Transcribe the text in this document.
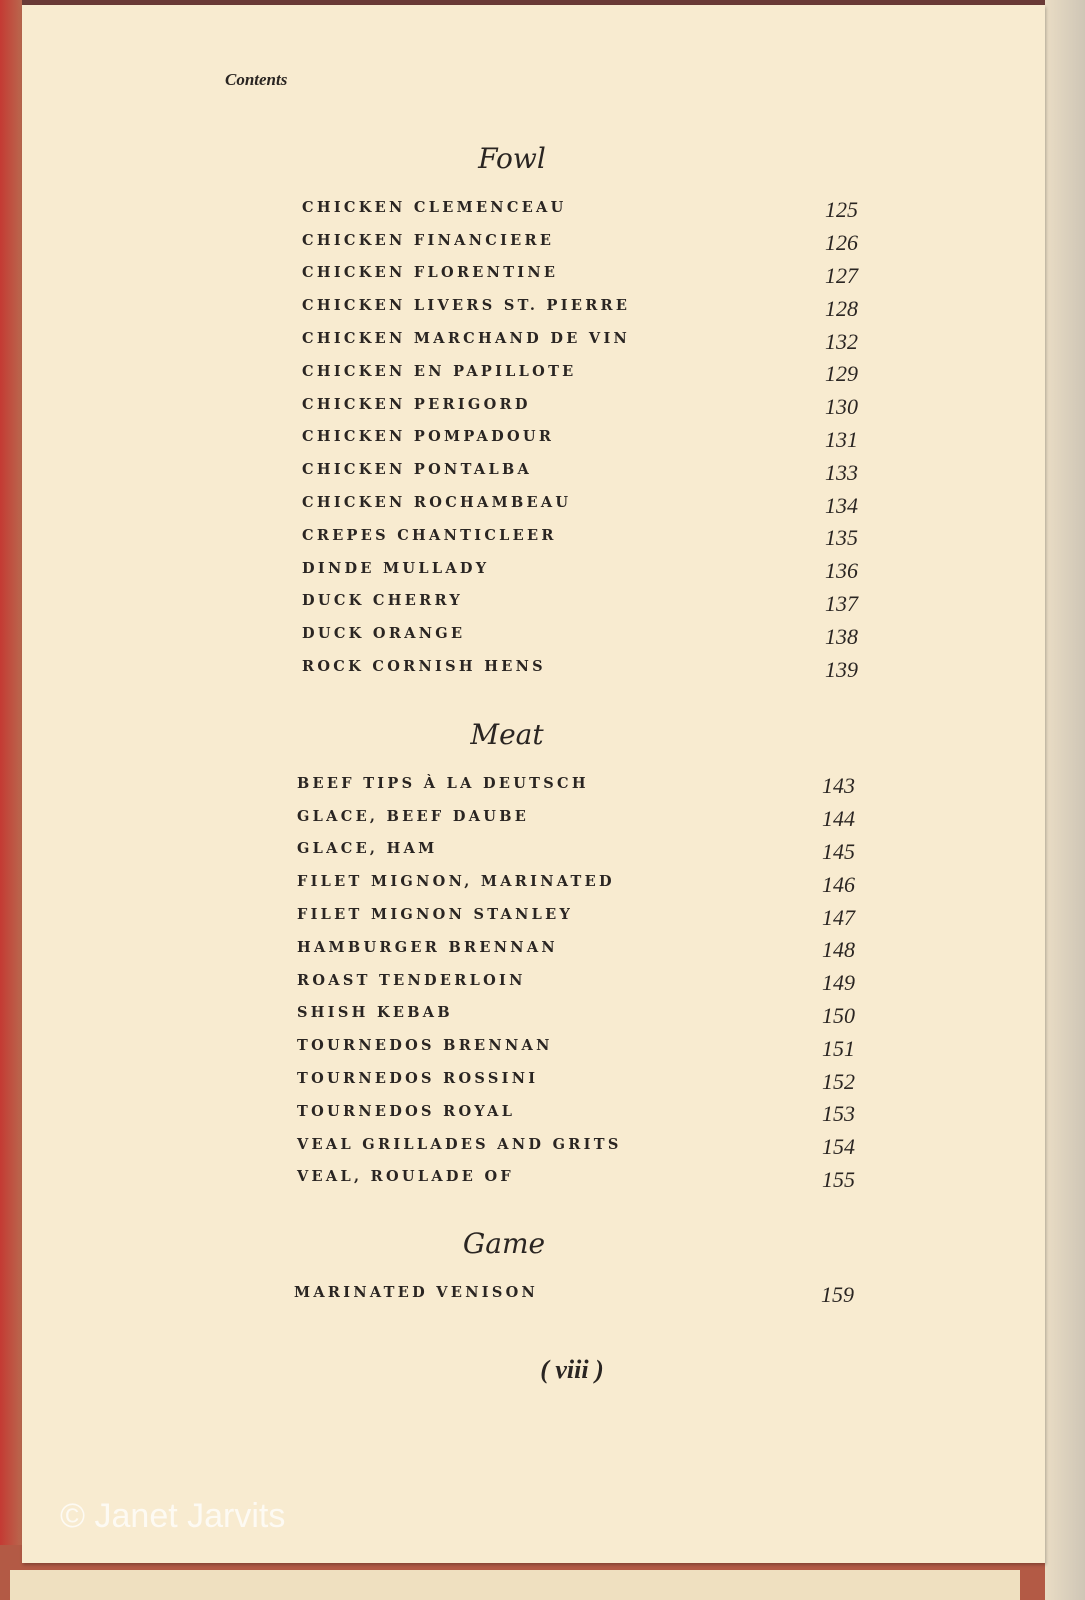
Contents
Fowl
CHICKEN CLEMENCEAU	125
CHICKEN FINANCIERE	126
CHICKEN FLORENTINE	127
CHICKEN LIVERS ST. PIERRE	128
CHICKEN MARCHAND DE VIN	132
CHICKEN EN PAPILLOTE	129
CHICKEN PERIGORD	130
CHICKEN POMPADOUR	131
CHICKEN PONTALBA	133
CHICKEN ROCHAMBEAU	134
CREPES CHANTICLEER	135
DINDE MULLADY	136
DUCK CHERRY	137
DUCK ORANGE	138
ROCK CORNISH HENS	139
Meat
BEEF TIPS À LA DEUTSCH	143
GLACE, BEEF DAUBE	144
GLACE, HAM	145
FILET MIGNON, MARINATED	146
FILET MIGNON STANLEY	147
HAMBURGER BRENNAN	148
ROAST TENDERLOIN	149
SHISH KEBAB	150
TOURNEDOS BRENNAN	151
TOURNEDOS ROSSINI	152
TOURNEDOS ROYAL	153
VEAL GRILLADES AND GRITS	154
VEAL, ROULADE OF	155
Game
MARINATED VENISON	159
( viii )
© Janet Jarvits
